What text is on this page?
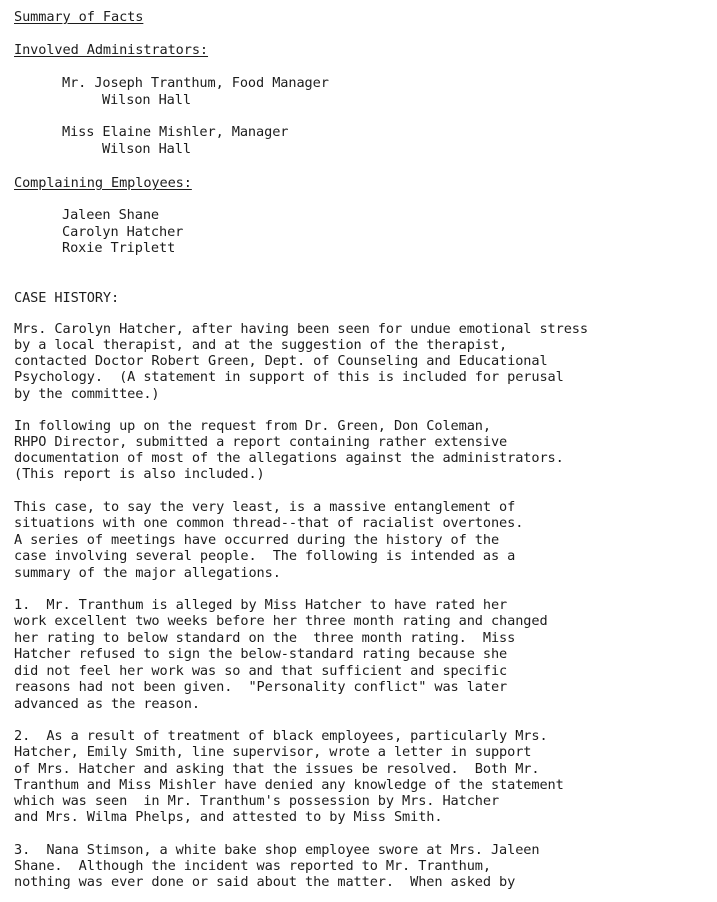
Summary of Facts
Involved Administrators:
Mr. Joseph Tranthum, Food Manager
Wilson Hall
Miss Elaine Mishler, Manager
Wilson Hall
Complaining Employees:
Jaleen Shane
Carolyn Hatcher
Roxie Triplett
CASE HISTORY:
Mrs. Carolyn Hatcher, after having been seen for undue emotional stress
by a local therapist, and at the suggestion of the therapist,
contacted Doctor Robert Green, Dept. of Counseling and Educational
Psychology.  (A statement in support of this is included for perusal
by the committee.)
In following up on the request from Dr. Green, Don Coleman,
RHPO Director, submitted a report containing rather extensive
documentation of most of the allegations against the administrators.
(This report is also included.)
This case, to say the very least, is a massive entanglement of
situations with one common thread--that of racialist overtones.
A series of meetings have occurred during the history of the
case involving several people.  The following is intended as a
summary of the major allegations.
1.  Mr. Tranthum is alleged by Miss Hatcher to have rated her
work excellent two weeks before her three month rating and changed
her rating to below standard on the  three month rating.  Miss
Hatcher refused to sign the below-standard rating because she
did not feel her work was so and that sufficient and specific
reasons had not been given.  "Personality conflict" was later
advanced as the reason.
2.  As a result of treatment of black employees, particularly Mrs.
Hatcher, Emily Smith, line supervisor, wrote a letter in support
of Mrs. Hatcher and asking that the issues be resolved.  Both Mr.
Tranthum and Miss Mishler have denied any knowledge of the statement
which was seen  in Mr. Tranthum's possession by Mrs. Hatcher
and Mrs. Wilma Phelps, and attested to by Miss Smith.
3.  Nana Stimson, a white bake shop employee swore at Mrs. Jaleen
Shane.  Although the incident was reported to Mr. Tranthum,
nothing was ever done or said about the matter.  When asked by
